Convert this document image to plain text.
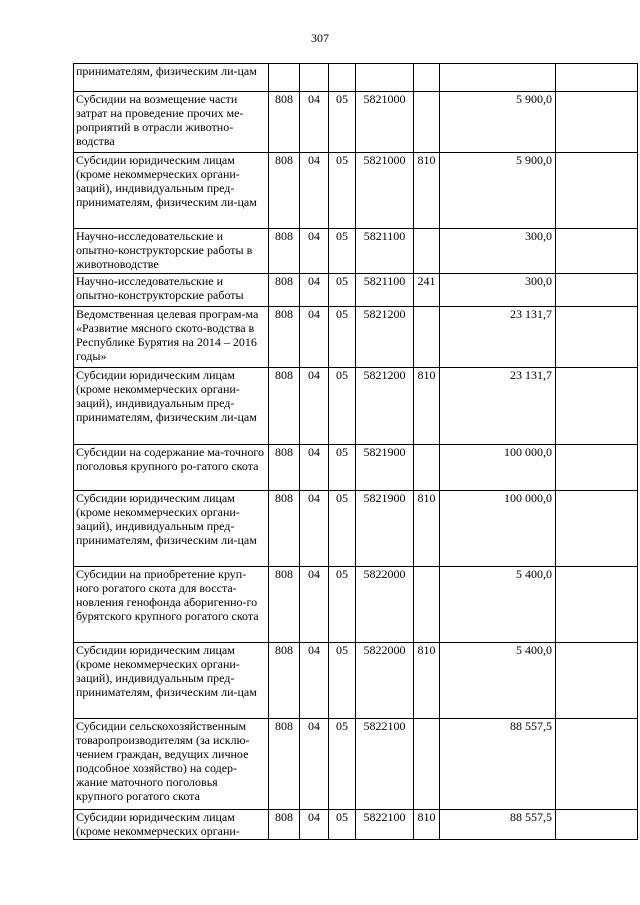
307
принимателям, физическим ли-цам							
Субсидии на возмещение части затрат на проведение прочих ме-роприятий в отрасли животно-водства	808	04	05	5821000		5 900,0	
Субсидии юридическим лицам (кроме некоммерческих органи-заций), индивидуальным пред-принимателям, физическим ли-цам	808	04	05	5821000	810	5 900,0	
Научно-исследовательские и опытно-конструкторские работы в животноводстве	808	04	05	5821100		300,0	
Научно-исследовательские и опытно-конструкторские работы	808	04	05	5821100	241	300,0	
Ведомственная целевая програм-ма «Развитие мясного ското-водства в Республике Бурятия на 2014 – 2016 годы»	808	04	05	5821200		23 131,7	
Субсидии юридическим лицам (кроме некоммерческих органи-заций), индивидуальным пред-принимателям, физическим ли-цам	808	04	05	5821200	810	23 131,7	
Субсидии на содержание ма-точного поголовья крупного ро-гатого скота	808	04	05	5821900		100 000,0	
Субсидии юридическим лицам (кроме некоммерческих органи-заций), индивидуальным пред-принимателям, физическим ли-цам	808	04	05	5821900	810	100 000,0	
Субсидии на приобретение круп-ного рогатого скота для восста-новления генофонда аборигенно-го бурятского крупного рогатого скота	808	04	05	5822000		5 400,0	
Субсидии юридическим лицам (кроме некоммерческих органи-заций), индивидуальным пред-принимателям, физическим ли-цам	808	04	05	5822000	810	5 400,0	
Субсидии сельскохозяйственным товаропроизводителям (за исклю-чением граждан, ведущих личное подсобное хозяйство) на содер-жание маточного поголовья крупного рогатого скота	808	04	05	5822100		88 557,5	
Субсидии юридическим лицам (кроме некоммерческих органи-	808	04	05	5822100	810	88 557,5	
